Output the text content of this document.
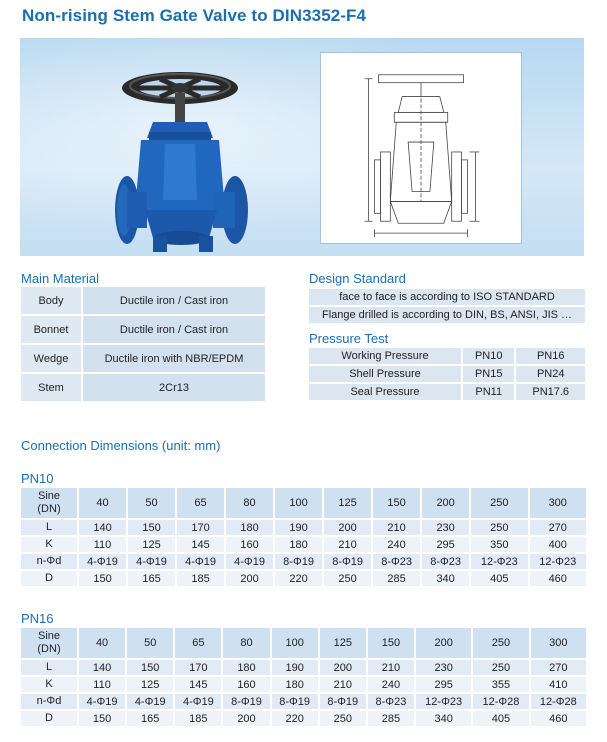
Non-rising Stem Gate Valve to DIN3352-F4
Main Material
Body	Ductile iron / Cast iron
Bonnet	Ductile iron / Cast iron
Wedge	Ductile iron with NBR/EPDM
Stem	2Cr13
Design Standard
face to face is according to ISO STANDARD
Flange drilled is according to DIN, BS, ANSI, JIS …
Pressure Test
Working Pressure	PN10	PN16
Shell Pressure	PN15	PN24
Seal Pressure	PN11	PN17.6
Connection Dimensions (unit: mm)
PN10
Sine
(DN)	40	50	65	80	100	125	150	200	250	300
L	140	150	170	180	190	200	210	230	250	270
K	110	125	145	160	180	210	240	295	350	400
n-Φd	4-Φ19	4-Φ19	4-Φ19	4-Φ19	8-Φ19	8-Φ19	8-Φ23	8-Φ23	12-Φ23	12-Φ23
D	150	165	185	200	220	250	285	340	405	460
PN16
Sine
(DN)	40	50	65	80	100	125	150	200	250	300
L	140	150	170	180	190	200	210	230	250	270
K	110	125	145	160	180	210	240	295	355	410
n-Φd	4-Φ19	4-Φ19	4-Φ19	8-Φ19	8-Φ19	8-Φ19	8-Φ23	12-Φ23	12-Φ28	12-Φ28
D	150	165	185	200	220	250	285	340	405	460
